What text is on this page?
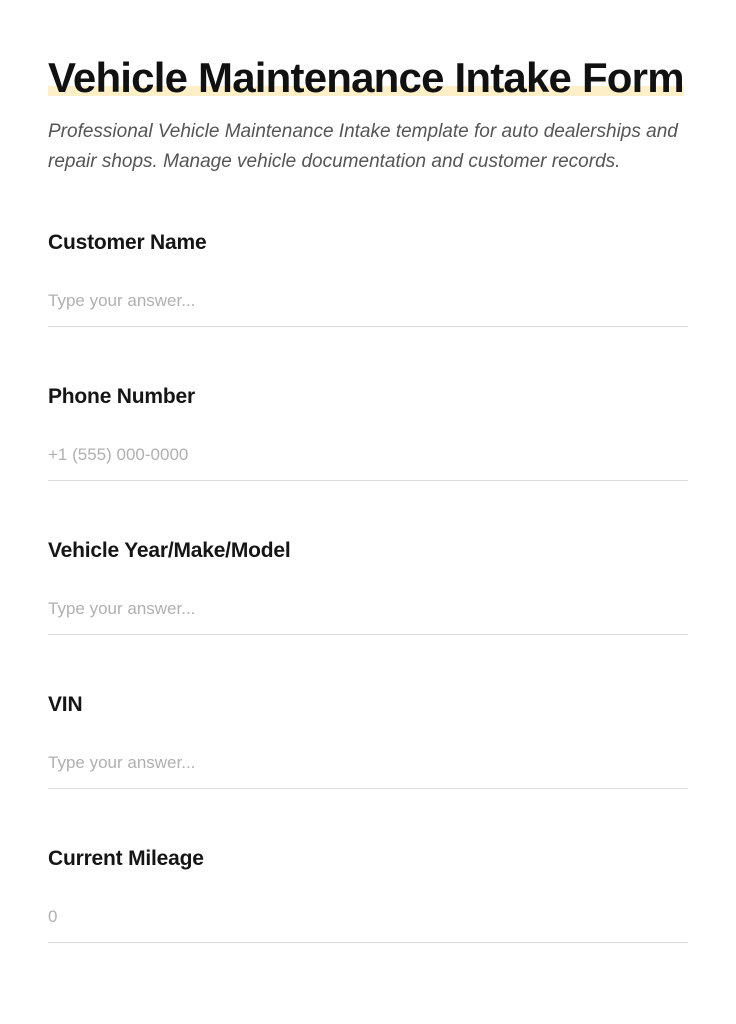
Vehicle Maintenance Intake Form

Professional Vehicle Maintenance Intake template for auto dealerships and repair shops. Manage vehicle documentation and customer records.

Customer Name
Type your answer...
Phone Number
+1 (555) 000-0000
Vehicle Year/Make/Model
Type your answer...
VIN
Type your answer...
Current Mileage
0
